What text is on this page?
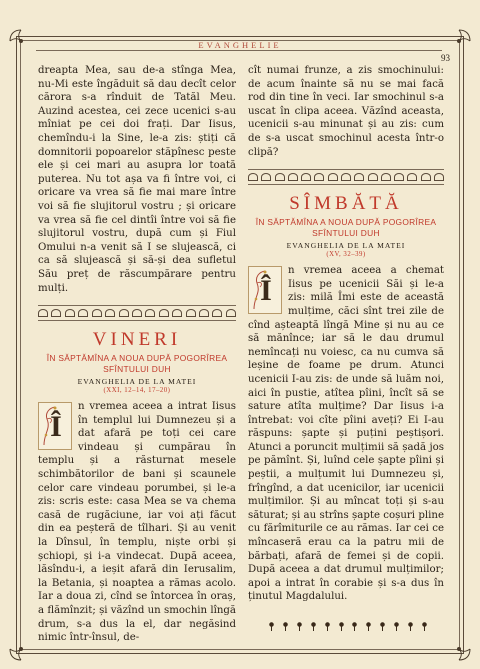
EVANGHELIE
93

dreapta Mea, sau de-a stînga Mea, nu-Mi este îngăduit să dau decît celor cărora s-a rînduit de Tatăl Meu. Auzind acestea, cei zece ucenici s-au mîniat pe cei doi frați. Dar Iisus, chemîndu-i la Sine, le-a zis: știți că domnitorii popoarelor stăpînesc peste ele și cei mari au asupra lor toată puterea. Nu tot așa va fi între voi, ci oricare va vrea să fie mai mare între voi să fie slujitorul vostru ; și oricare va vrea să fie cel dintîi între voi să fie slujitorul vostru, după cum și Fiul Omului n-a venit să I se slujească, ci ca să slujească și să-și dea sufletul Său preț de răscumpărare pentru mulți.

VINERI

ÎN SĂPTĂMÎNA A NOUA DUPĂ POGORÎREA SFÎNTULUI DUH

EVANGHELIA DE LA MATEI

(XXI, 12–14, 17–20)

Î

n vremea aceea a intrat Iisus în templul lui Dumnezeu și a dat afară pe toți cei care vindeau și cumpărau în templu și a răsturnat mesele schimbătorilor de bani și scaunele celor care vindeau porumbei, și le-a zis: scris este: casa Mea se va chema casă de rugăciune, iar voi ați făcut din ea peșteră de tîlhari. Și au venit la Dînsul, în templu, niște orbi și șchiopi, și i-a vindecat. După aceea, lăsîndu-i, a ieșit afară din Ierusalim, la Betania, și noaptea a rămas acolo. Iar a doua zi, cînd se întorcea în oraș, a flămînzit; și văzînd un smochin lîngă drum, s-a dus la el, dar negăsind nimic într-însul, de-

cît numai frunze, a zis smochinului: de acum înainte să nu se mai facă rod din tine în veci. Iar smochinul s-a uscat în clipa aceea. Văzînd aceasta, ucenicii s-au minunat și au zis: cum de s-a uscat smochinul acesta într-o clipă?

SÎMBĂTĂ

ÎN SĂPTĂMÎNA A NOUA DUPĂ POGORÎREA SFÎNTULUI DUH

EVANGHELIA DE LA MATEI

(XV, 32–39)

Î

n vremea aceea a chemat Iisus pe ucenicii Săi și le-a zis: milă Îmi este de această mulțime, căci sînt trei zile de cînd așteaptă lîngă Mine și nu au ce să mănînce; iar să le dau drumul nemîncați nu voiesc, ca nu cumva să leșine de foame pe drum. Atunci ucenicii I-au zis: de unde să luăm noi, aici în pustie, atîtea pîini, încît să se sature atîta mulțime? Dar Iisus i-a întrebat: voi cîte pîini aveți? Ei I-au răspuns: șapte și puțini peștișori. Atunci a poruncit mulțimii să șadă jos pe pămînt. Și, luînd cele șapte pîini și peștii, a mulțumit lui Dumnezeu și, frîngînd, a dat ucenicilor, iar ucenicii mulțimilor. Și au mîncat toți și s-au săturat; și au strîns șapte coșuri pline cu fărîmiturile ce au rămas. Iar cei ce mîncaseră erau ca la patru mii de bărbați, afară de femei și de copii. După aceea a dat drumul mulțimilor; apoi a intrat în corabie și s-a dus în ținutul Magdalului.
